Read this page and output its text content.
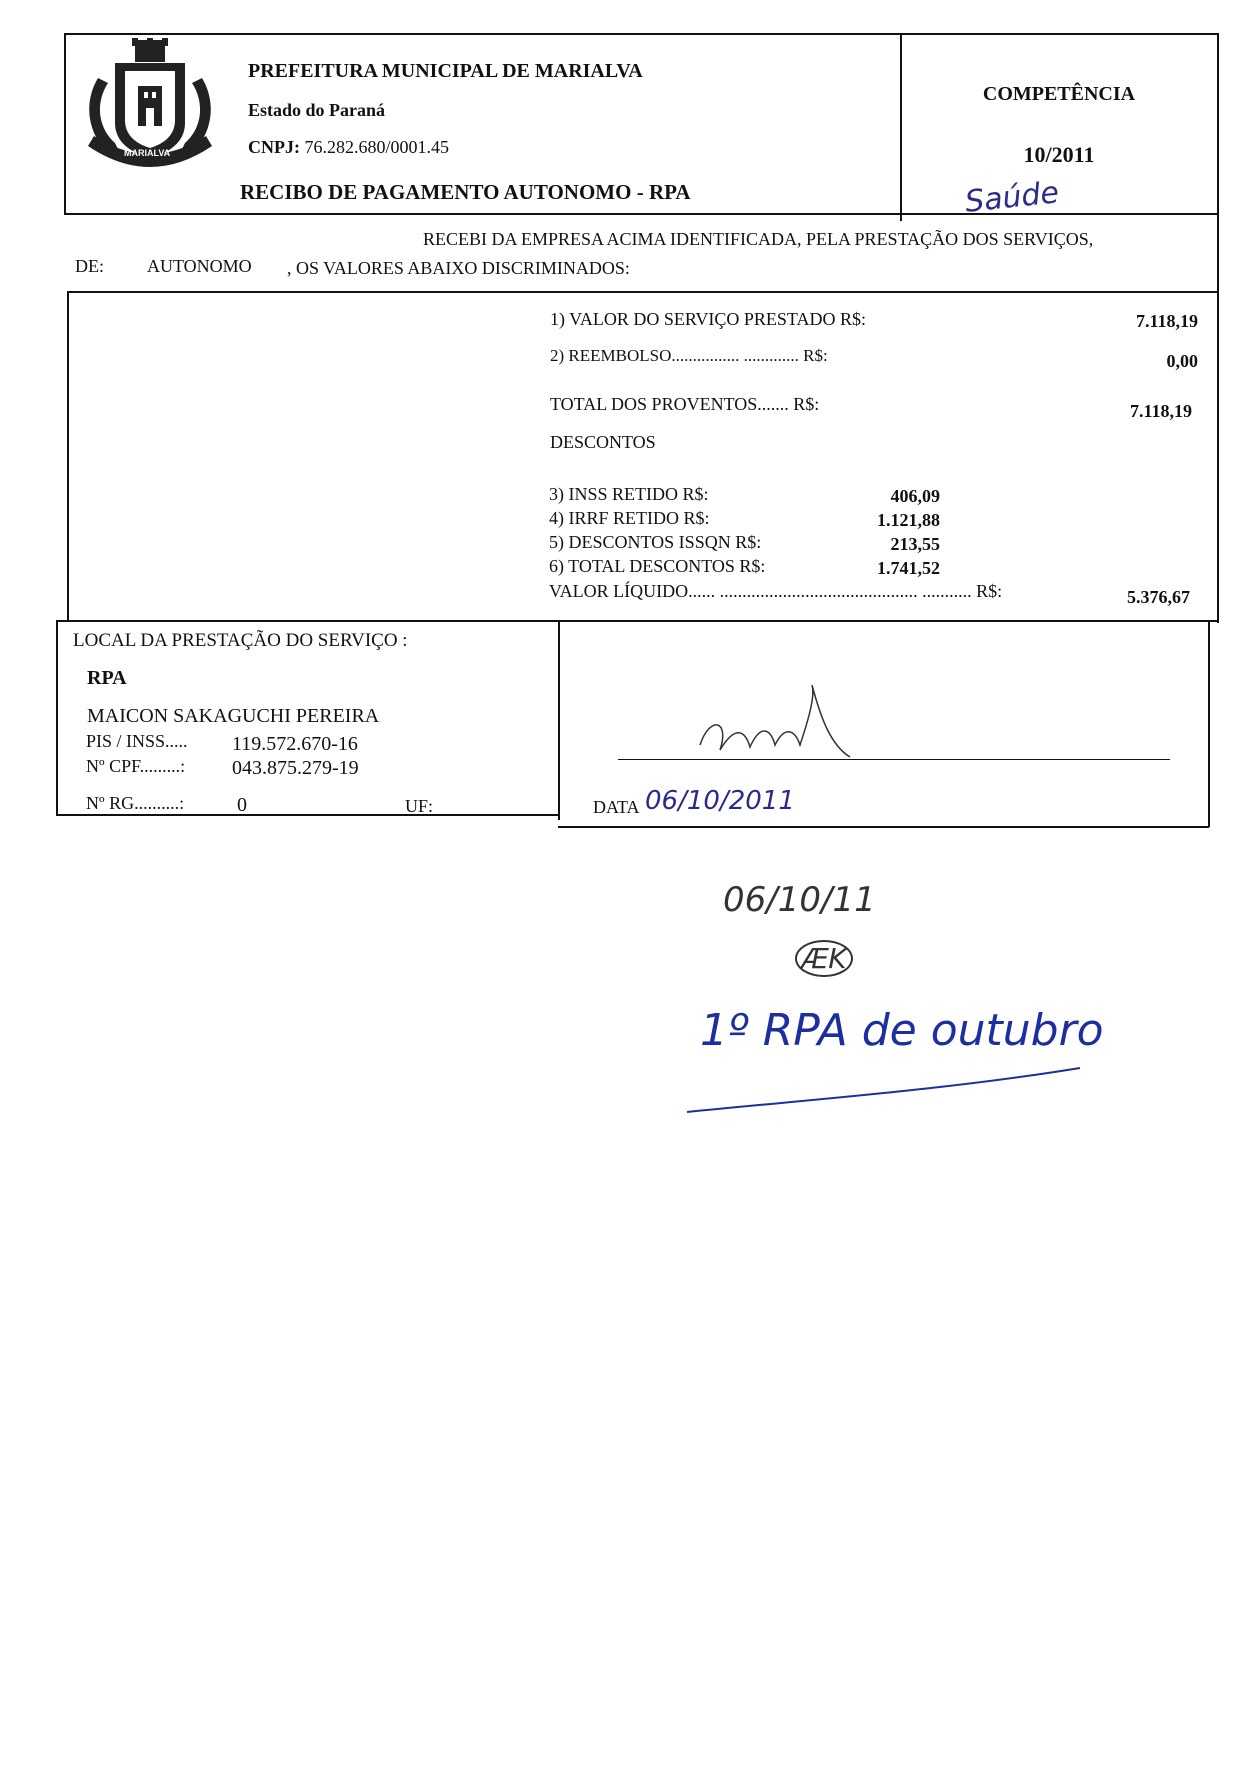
MARIALVA
PREFEITURA MUNICIPAL DE MARIALVA
Estado do Paraná
CNPJ: 76.282.680/0001.45
RECIBO DE PAGAMENTO AUTONOMO - RPA
COMPETÊNCIA
10/2011
Saúde
RECEBI DA EMPRESA ACIMA IDENTIFICADA, PELA PRESTAÇÃO DOS SERVIÇOS,
DE: AUTONOMO , OS VALORES ABAIXO DISCRIMINADOS:
1) VALOR DO SERVIÇO PRESTADO R$:	7.118,19
2) REEMBOLSO................ ............. R$:	0,00
TOTAL DOS PROVENTOS....... R$:	7.118,19
DESCONTOS
3) INSS RETIDO R$:	406,09
4) IRRF RETIDO R$:	1.121,88
5) DESCONTOS ISSQN R$:	213,55
6) TOTAL DESCONTOS R$:	1.741,52
VALOR LÍQUIDO...... ............................................ ........... R$:	5.376,67
LOCAL DA PRESTAÇÃO DO SERVIÇO :
RPA
MAICON SAKAGUCHI PEREIRA
PIS / INSS..... 119.572.670-16
Nº CPF.........: 043.875.279-19
Nº RG..........:	0	UF:	DATA 06/10/2011
06/10/11
ÆK
1º RPA de outubro
